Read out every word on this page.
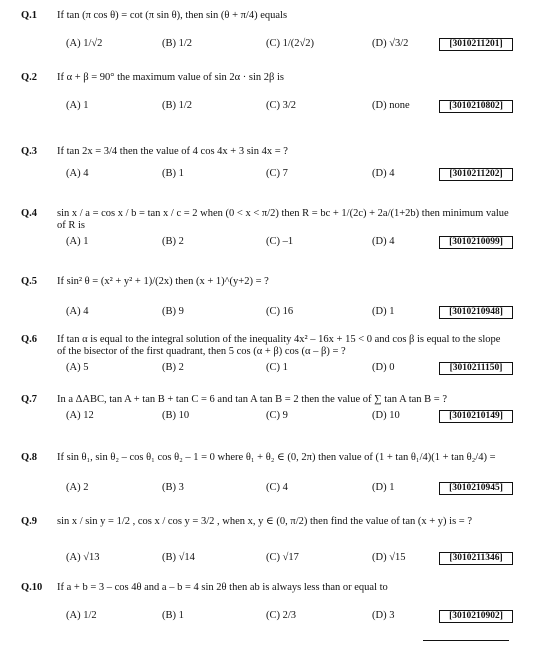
Q.1 If tan (π cos θ) = cot (π sin θ), then sin (θ + π/4) equals
(A) 1/√2	(B) 1/2	(C) 1/(2√2)	(D) √3/2	[3010211201]
Q.2 If α + β = 90° the maximum value of sin 2α · sin 2β is
(A) 1	(B) 1/2	(C) 3/2	(D) none	[3010210802]
Q.3 If tan 2x = 3/4 then the value of 4 cos 4x + 3 sin 4x = ?
(A) 4	(B) 1	(C) 7	(D) 4	[3010211202]
Q.4 sin x / a = cos x / b = tan x / c = 2 when (0 < x < π/2) then R = bc + 1/(2c) + 2a/(1+2b) then minimum value of R is
(A) 1	(B) 2	(C) –1	(D) 4	[3010210099]
Q.5 If sin² θ = (x² + y² + 1)/(2x) then (x + 1)^(y+2) = ?
(A) 4	(B) 9	(C) 16	(D) 1	[3010210948]
Q.6 If tan α is equal to the integral solution of the inequality 4x² – 16x + 15 < 0 and cos β is equal to the slope of the bisector of the first quadrant, then 5 cos (α + β) cos (α – β) = ?
(A) 5	(B) 2	(C) 1	(D) 0	[3010211150]
Q.7 In a ΔABC, tan A + tan B + tan C = 6 and tan A tan B = 2 then the value of ∑ tan A tan B = ?
(A) 12	(B) 10	(C) 9	(D) 10	[3010210149]
Q.8 If sin θ₁, sin θ₂ – cos θ₁ cos θ₂ – 1 = 0 where θ₁ + θ₂ ∈ (0, 2π) then value of (1 + tan θ₁/4)(1 + tan θ₂/4) =
(A) 2	(B) 3	(C) 4	(D) 1	[3010210945]
Q.9 sin x / sin y = 1/2 , cos x / cos y = 3/2 , when x, y ∈ (0, π/2) then find the value of tan (x + y) is = ?
(A) √13	(B) √14	(C) √17	(D) √15	[3010211346]
Q.10 If a + b = 3 – cos 4θ and a – b = 4 sin 2θ then ab is always less than or equal to
(A) 1/2	(B) 1	(C) 2/3	(D) 3	[3010210902]
